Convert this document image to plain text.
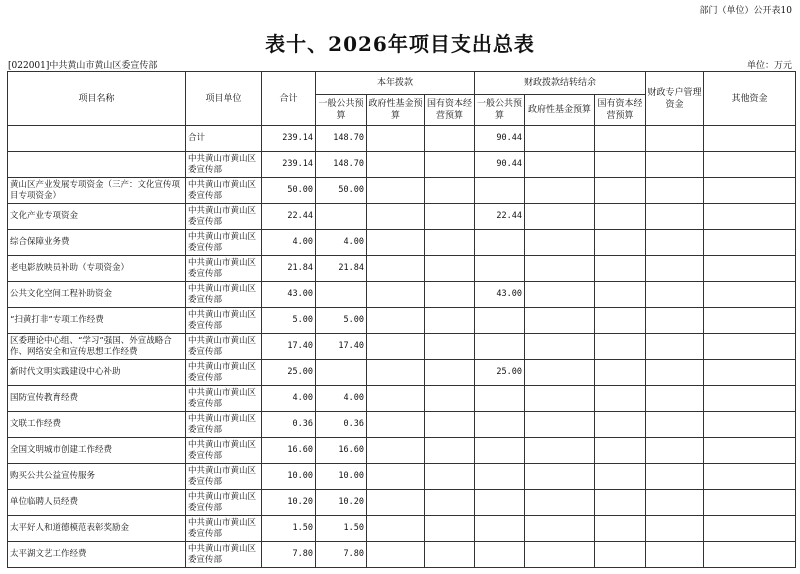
部门（单位）公开表10
表十、2026年项目支出总表
[022001]中共黄山市黄山区委宣传部	单位：万元
项目名称	项目单位	合计	本年拨款			财政拨款结转结余			财政专户管理资金	其他资金
			一般公共预算	政府性基金预算	国有资本经营预算	一般公共预算	政府性基金预算	国有资本经营预算		
	合计	239.14	148.70			90.44				
	中共黄山市黄山区委宣传部	239.14	148.70			90.44				
黄山区产业发展专项资金（三产：文化宣传项目专项资金）	中共黄山市黄山区委宣传部	50.00	50.00							
文化产业专项资金	中共黄山市黄山区委宣传部	22.44				22.44				
综合保障业务费	中共黄山市黄山区委宣传部	4.00	4.00							
老电影放映员补助（专项资金）	中共黄山市黄山区委宣传部	21.84	21.84							
公共文化空间工程补助资金	中共黄山市黄山区委宣传部	43.00				43.00				
“扫黄打非”专项工作经费	中共黄山市黄山区委宣传部	5.00	5.00							
区委理论中心组、“学习”强国、外宣战略合作、网络安全和宣传思想工作经费	中共黄山市黄山区委宣传部	17.40	17.40							
新时代文明实践建设中心补助	中共黄山市黄山区委宣传部	25.00				25.00				
国防宣传教育经费	中共黄山市黄山区委宣传部	4.00	4.00							
文联工作经费	中共黄山市黄山区委宣传部	0.36	0.36							
全国文明城市创建工作经费	中共黄山市黄山区委宣传部	16.60	16.60							
购买公共公益宣传服务	中共黄山市黄山区委宣传部	10.00	10.00							
单位临聘人员经费	中共黄山市黄山区委宣传部	10.20	10.20							
太平好人和道德模范表彰奖励金	中共黄山市黄山区委宣传部	1.50	1.50							
太平湖文艺工作经费	中共黄山市黄山区委宣传部	7.80	7.80							
